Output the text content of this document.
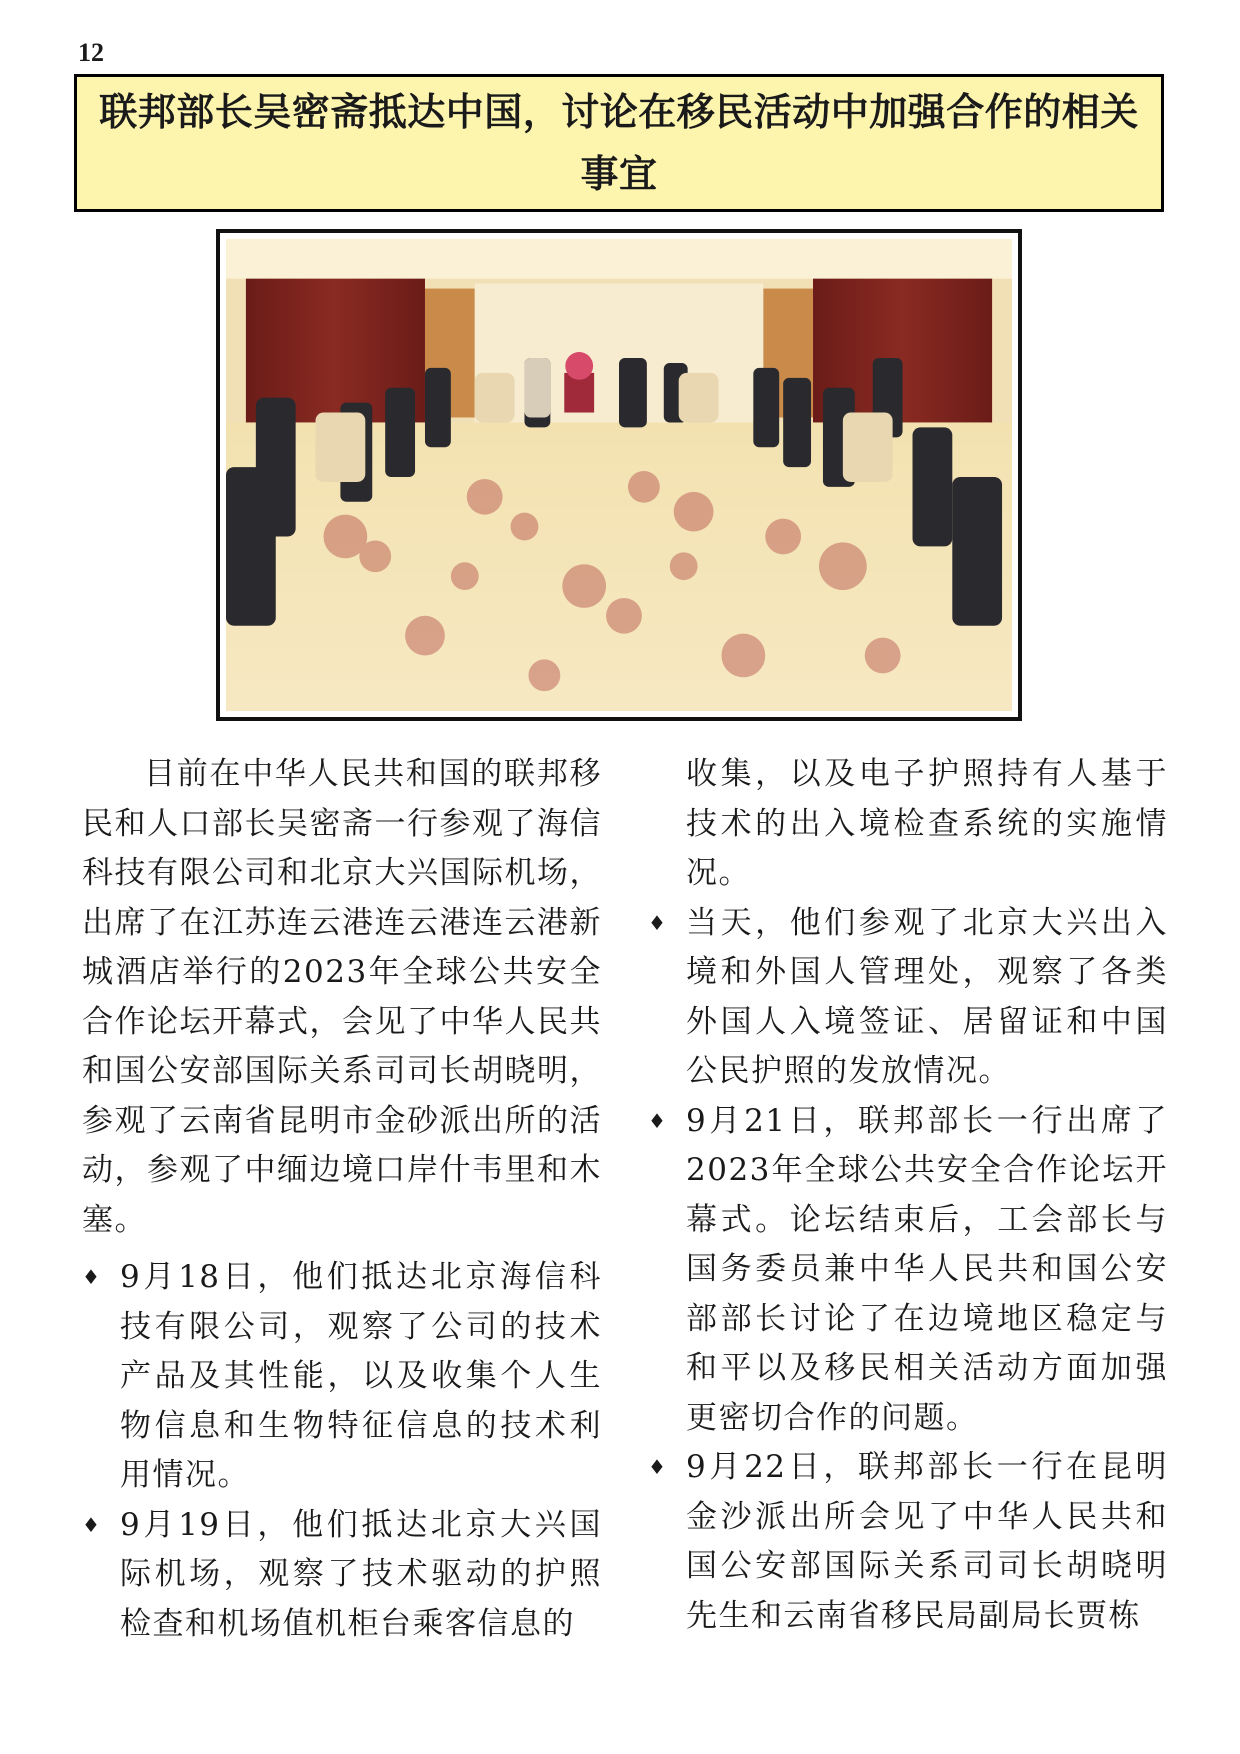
12
联邦部长吴密斋抵达中国，讨论在移民活动中加强合作的相关事宜

目前在中华人民共和国的联邦移民和人口部长吴密斋一行参观了海信科技有限公司和北京大兴国际机场，出席了在江苏连云港连云港连云港新城酒店举行的2023年全球公共安全合作论坛开幕式，会见了中华人民共和国公安部国际关系司司长胡晓明，参观了云南省昆明市金砂派出所的活动，参观了中缅边境口岸什韦里和木塞。

♦ 9月18日，他们抵达北京海信科技有限公司，观察了公司的技术产品及其性能，以及收集个人生物信息和生物特征信息的技术利用情况。
♦ 9月19日，他们抵达北京大兴国际机场，观察了技术驱动的护照检查和机场值机柜台乘客信息的

收集，以及电子护照持有人基于技术的出入境检查系统的实施情况。

♦ 当天，他们参观了北京大兴出入境和外国人管理处，观察了各类外国人入境签证、居留证和中国公民护照的发放情况。
♦ 9月21日，联邦部长一行出席了2023年全球公共安全合作论坛开幕式。论坛结束后，工会部长与国务委员兼中华人民共和国公安部部长讨论了在边境地区稳定与和平以及移民相关活动方面加强更密切合作的问题。
♦ 9月22日，联邦部长一行在昆明金沙派出所会见了中华人民共和国公安部国际关系司司长胡晓明先生和云南省移民局副局长贾栋
